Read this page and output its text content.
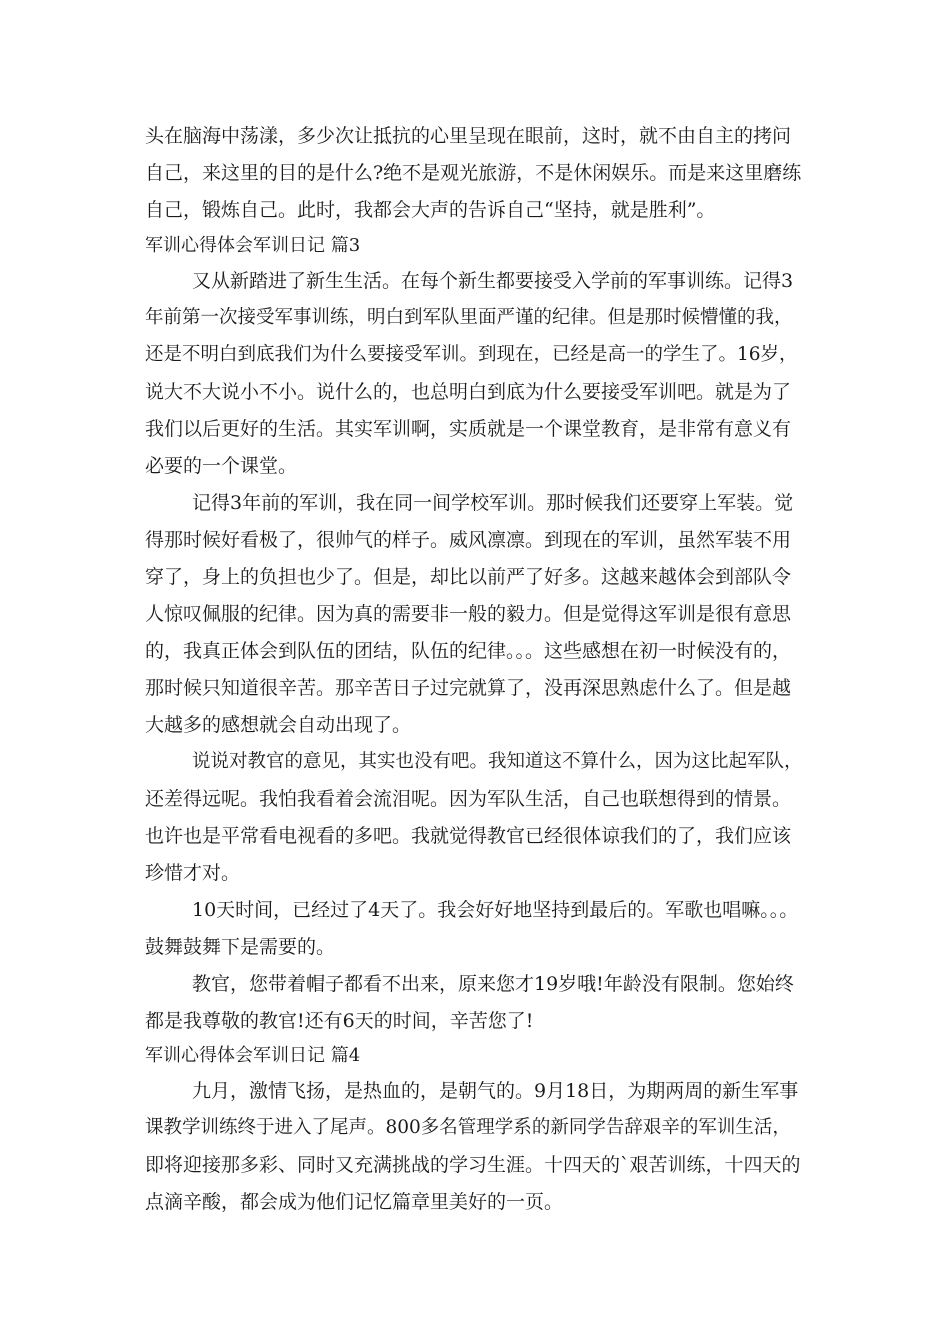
头在脑海中荡漾，多少次让抵抗的心里呈现在眼前，这时，就不由自主的拷问
自己，来这里的目的是什么?绝不是观光旅游，不是休闲娱乐。而是来这里磨练
自己，锻炼自己。此时，我都会大声的告诉自己“坚持，就是胜利”。
军训心得体会军训日记 篇3
又从新踏进了新生生活。在每个新生都要接受入学前的军事训练。记得3
年前第一次接受军事训练，明白到军队里面严谨的纪律。但是那时候懵懂的我，
还是不明白到底我们为什么要接受军训。到现在，已经是高一的学生了。16岁，
说大不大说小不小。说什么的，也总明白到底为什么要接受军训吧。就是为了
我们以后更好的生活。其实军训啊，实质就是一个课堂教育，是非常有意义有
必要的一个课堂。
记得3年前的军训，我在同一间学校军训。那时候我们还要穿上军装。觉
得那时候好看极了，很帅气的样子。威风凛凛。到现在的军训，虽然军装不用
穿了，身上的负担也少了。但是，却比以前严了好多。这越来越体会到部队令
人惊叹佩服的纪律。因为真的需要非一般的毅力。但是觉得这军训是很有意思
的，我真正体会到队伍的团结，队伍的纪律。。。这些感想在初一时候没有的，
那时候只知道很辛苦。那辛苦日子过完就算了，没再深思熟虑什么了。但是越
大越多的感想就会自动出现了。
说说对教官的意见，其实也没有吧。我知道这不算什么，因为这比起军队，
还差得远呢。我怕我看着会流泪呢。因为军队生活，自己也联想得到的情景。
也许也是平常看电视看的多吧。我就觉得教官已经很体谅我们的了，我们应该
珍惜才对。
10天时间，已经过了4天了。我会好好地坚持到最后的。军歌也唱嘛。。。
鼓舞鼓舞下是需要的。
教官，您带着帽子都看不出来，原来您才19岁哦!年龄没有限制。您始终
都是我尊敬的教官!还有6天的时间，辛苦您了!
军训心得体会军训日记 篇4
九月，激情飞扬，是热血的，是朝气的。9月18日，为期两周的新生军事
课教学训练终于进入了尾声。800多名管理学系的新同学告辞艰辛的军训生活，
即将迎接那多彩、同时又充满挑战的学习生涯。十四天的`艰苦训练，十四天的
点滴辛酸，都会成为他们记忆篇章里美好的一页。
